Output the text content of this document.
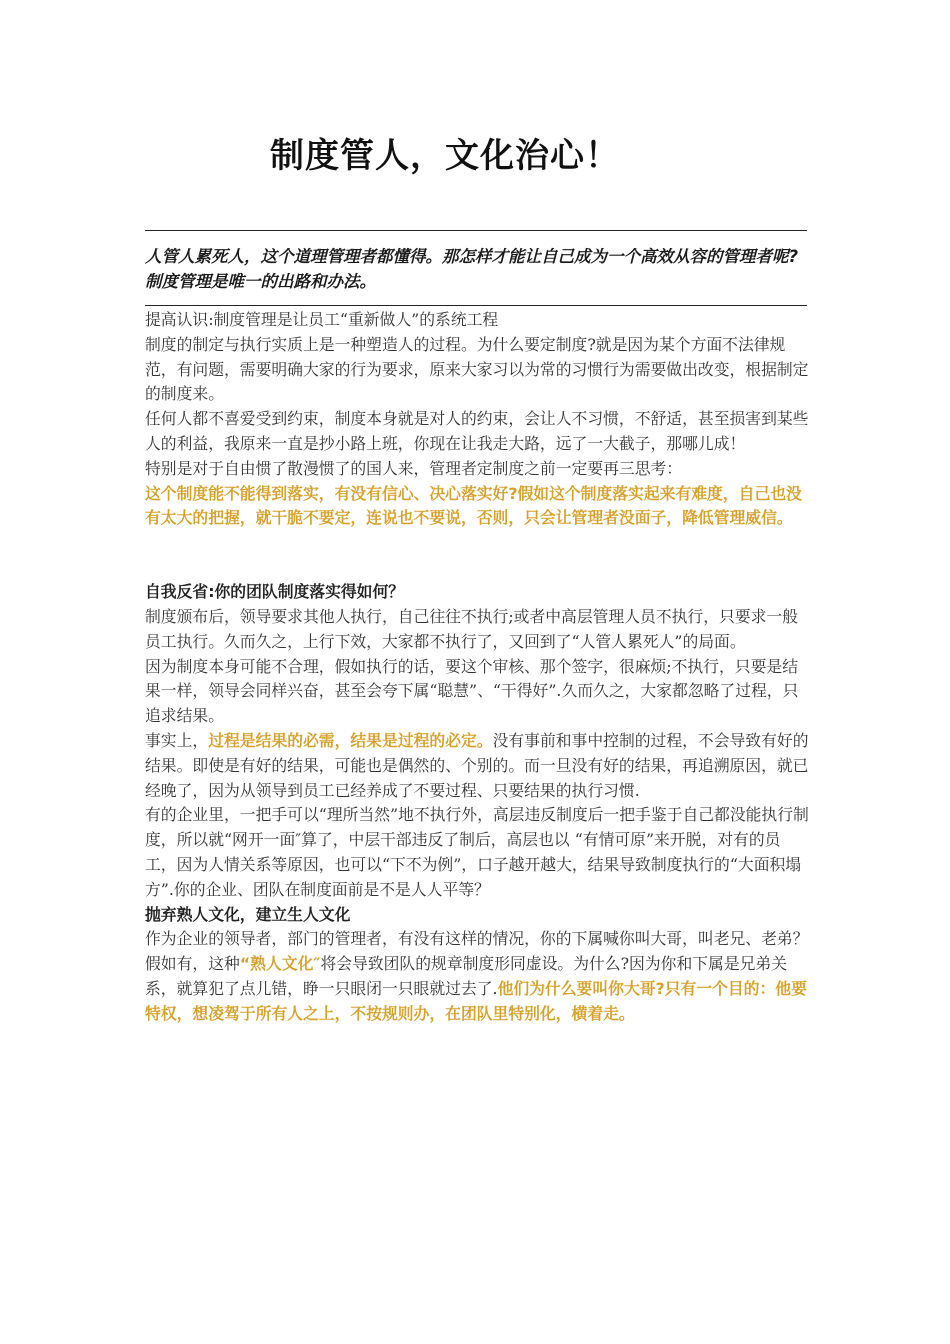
制度管人，文化治心！
人管人累死人，这个道理管理者都懂得。那怎样才能让自己成为一个高效从容的管理者呢?制度管理是唯一的出路和办法。

提高认识:制度管理是让员工“重新做人”的系统工程

制度的制定与执行实质上是一种塑造人的过程。为什么要定制度?就是因为某个方面不法律规范，有问题，需要明确大家的行为要求，原来大家习以为常的习惯行为需要做出改变，根据制定的制度来。

任何人都不喜爱受到约束，制度本身就是对人的约束，会让人不习惯，不舒适，甚至损害到某些人的利益，我原来一直是抄小路上班，你现在让我走大路，远了一大截子，那哪儿成！

特别是对于自由惯了散漫惯了的国人来，管理者定制度之前一定要再三思考：

这个制度能不能得到落实，有没有信心、决心落实好?假如这个制度落实起来有难度，自己也没有太大的把握，就干脆不要定，连说也不要说，否则，只会让管理者没面子，降低管理威信。

自我反省:你的团队制度落实得如何？

制度颁布后，领导要求其他人执行，自己往往不执行;或者中高层管理人员不执行，只要求一般员工执行。久而久之，上行下效，大家都不执行了，又回到了“人管人累死人”的局面。

因为制度本身可能不合理，假如执行的话，要这个审核、那个签字，很麻烦;不执行，只要是结果一样，领导会同样兴奋，甚至会夸下属“聪慧”、“干得好”.久而久之，大家都忽略了过程，只追求结果。

事实上，过程是结果的必需，结果是过程的必定。没有事前和事中控制的过程，不会导致有好的结果。即使是有好的结果，可能也是偶然的、个别的。而一旦没有好的结果，再追溯原因，就已经晚了，因为从领导到员工已经养成了不要过程、只要结果的执行习惯.

有的企业里，一把手可以“理所当然”地不执行外，高层违反制度后一把手鉴于自己都没能执行制度，所以就“网开一面″算了，中层干部违反了制后，高层也以 “有情可原”来开脱，对有的员工，因为人情关系等原因，也可以“下不为例”，口子越开越大，结果导致制度执行的“大面积塌方”.你的企业、团队在制度面前是不是人人平等？

抛弃熟人文化，建立生人文化

作为企业的领导者，部门的管理者，有没有这样的情况，你的下属喊你叫大哥，叫老兄、老弟？假如有，这种“熟人文化″将会导致团队的规章制度形同虚设。为什么?因为你和下属是兄弟关系，就算犯了点儿错，睁一只眼闭一只眼就过去了.他们为什么要叫你大哥?只有一个目的：他要特权，想凌驾于所有人之上，不按规则办，在团队里特别化，横着走。
